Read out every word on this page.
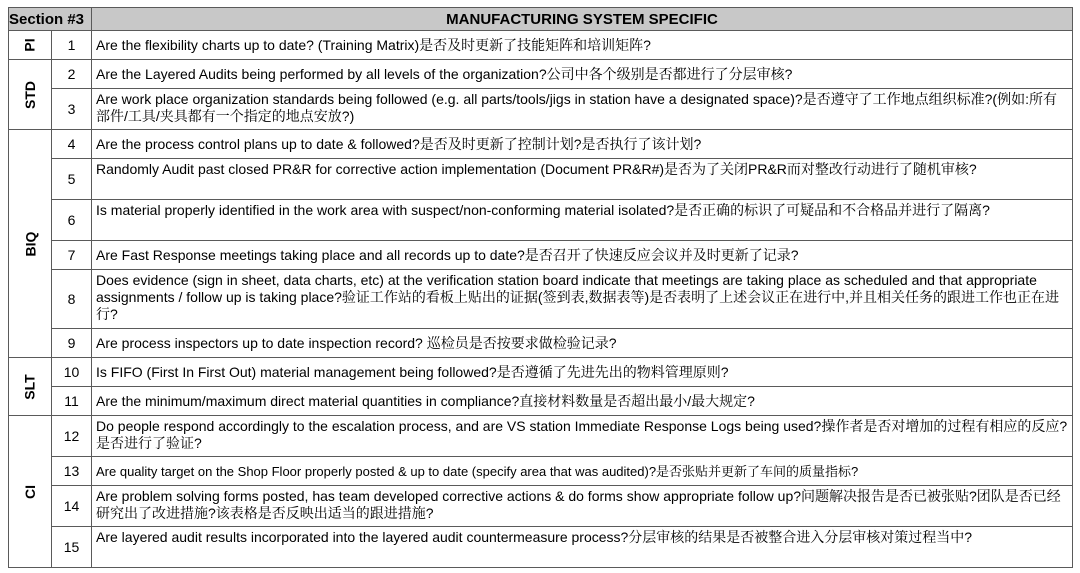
Section #3		MANUFACTURING SYSTEM SPECIFIC
PI	1	Are the flexibility charts up to date? (Training Matrix)是否及时更新了技能矩阵和培训矩阵?
STD	2	Are the Layered Audits being performed by all levels of the organization?公司中各个级别是否都进行了分层审核?
	3	Are work place organization standards being followed (e.g. all parts/tools/jigs in station have a designated space)?是否遵守了工作地点组织标准?(例如:所有部件/工具/夹具都有一个指定的地点安放?)
BIQ	4	Are the process control plans up to date & followed?是否及时更新了控制计划?是否执行了该计划?
	5	Randomly Audit past closed PR&R for corrective action implementation (Document PR&R#)是否为了关闭PR&R而对整改行动进行了随机审核?
	6	Is material properly identified in the work area with suspect/non-conforming material isolated?是否正确的标识了可疑品和不合格品并进行了隔离?
	7	Are Fast Response meetings taking place and all records up to date?是否召开了快速反应会议并及时更新了记录?
	8	Does evidence (sign in sheet, data charts, etc) at the verification station board indicate that meetings are taking place as scheduled and that appropriate assignments / follow up is taking place?验证工作站的看板上贴出的证据(签到表,数据表等)是否表明了上述会议正在进行中,并且相关任务的跟进工作也正在进行?
	9	Are process inspectors up to date inspection record? 巡检员是否按要求做检验记录?
SLT	10	Is FIFO (First In First Out) material management being followed?是否遵循了先进先出的物料管理原则?
	11	Are the minimum/maximum direct material quantities in compliance?直接材料数量是否超出最小/最大规定?
CI	12	Do people respond accordingly to the escalation process, and are VS station Immediate Response Logs being used?操作者是否对增加的过程有相应的反应?是否进行了验证?
	13	Are quality target on the Shop Floor properly posted & up to date (specify area that was audited)?是否张贴并更新了车间的质量指标?
	14	Are problem solving forms posted, has team developed corrective actions & do forms show appropriate follow up?问题解决报告是否已被张贴?团队是否已经研究出了改进措施?该表格是否反映出适当的跟进措施?
	15	Are layered audit results incorporated into the layered audit countermeasure process?分层审核的结果是否被整合进入分层审核对策过程当中?
